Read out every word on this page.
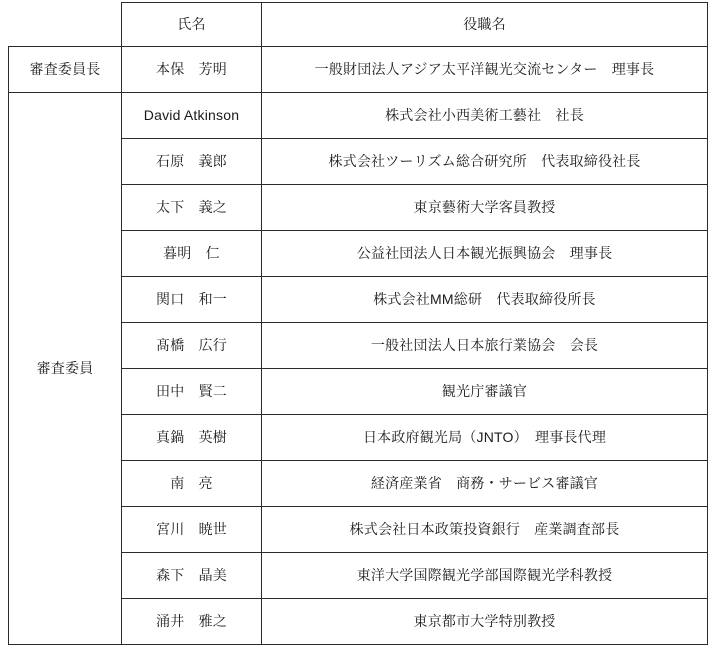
	氏名	役職名
審査委員長	本保　芳明	一般財団法人アジア太平洋観光交流センター　理事長
審査委員	David Atkinson	株式会社小西美術工藝社　社長
	石原　義郎	株式会社ツーリズム総合研究所　代表取締役社長
	太下　義之	東京藝術大学客員教授
	暮明　仁	公益社団法人日本観光振興協会　理事長
	関口　和一	株式会社MM総研　代表取締役所長
	髙橋　広行	一般社団法人日本旅行業協会　会長
	田中　賢二	観光庁審議官
	真鍋　英樹	日本政府観光局（JNTO）　理事長代理
	南　亮	経済産業省　商務・サービス審議官
	宮川　暁世	株式会社日本政策投資銀行　産業調査部長
	森下　晶美	東洋大学国際観光学部国際観光学科教授
	涌井　雅之	東京都市大学特別教授
